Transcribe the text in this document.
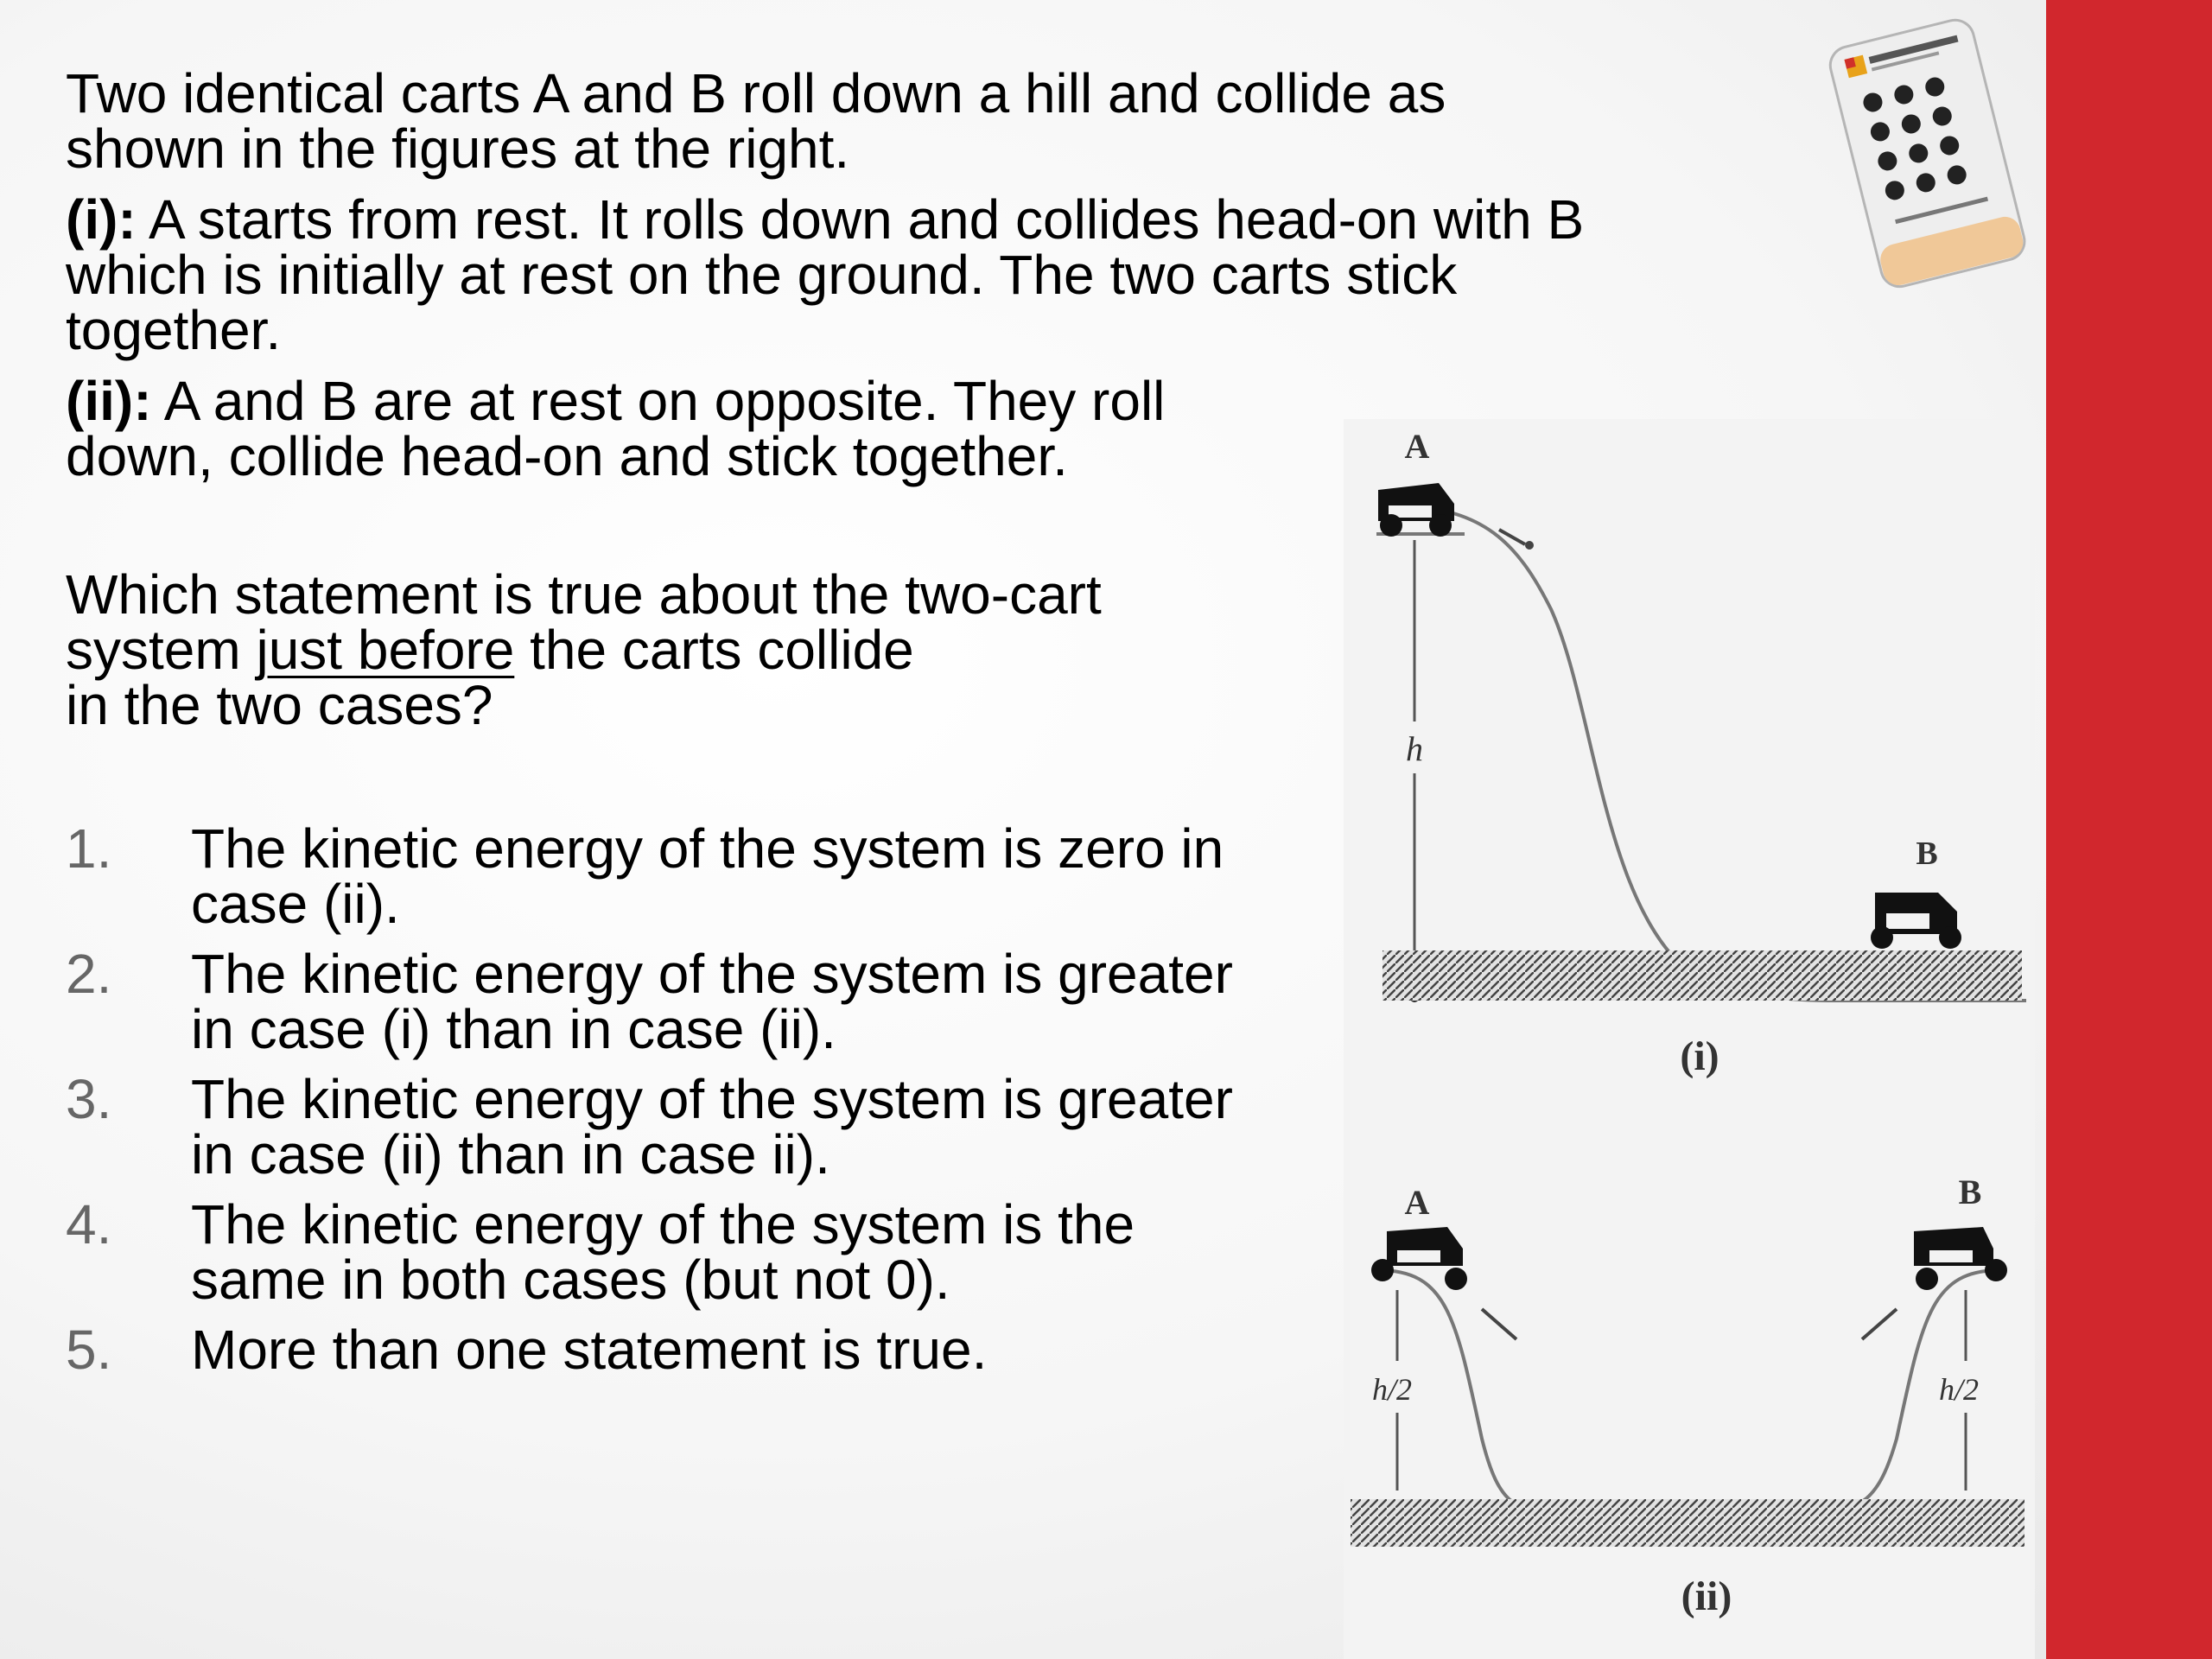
Two identical carts A and B roll down a hill and collide as shown in the figures at the right.

(i): A starts from rest. It rolls down and collides head-on with B which is initially at rest on the ground. The two carts stick together.

(ii): A and B are at rest on opposite. They roll down, collide head-on and stick together.

Which statement is true about the two-cart
system just before the carts collide
in the two cases?

1.	The kinetic energy of the system is zero in case (ii).
2.	The kinetic energy of the system is greater in case (i) than in case (ii).
3.	The kinetic energy of the system is greater in case (ii) than in case ii).
4.	The kinetic energy of the system is the same in both cases (but not 0).
5.	More than one statement is true.
A
h
B
(i)
A	B
h/2	h/2
(ii)
